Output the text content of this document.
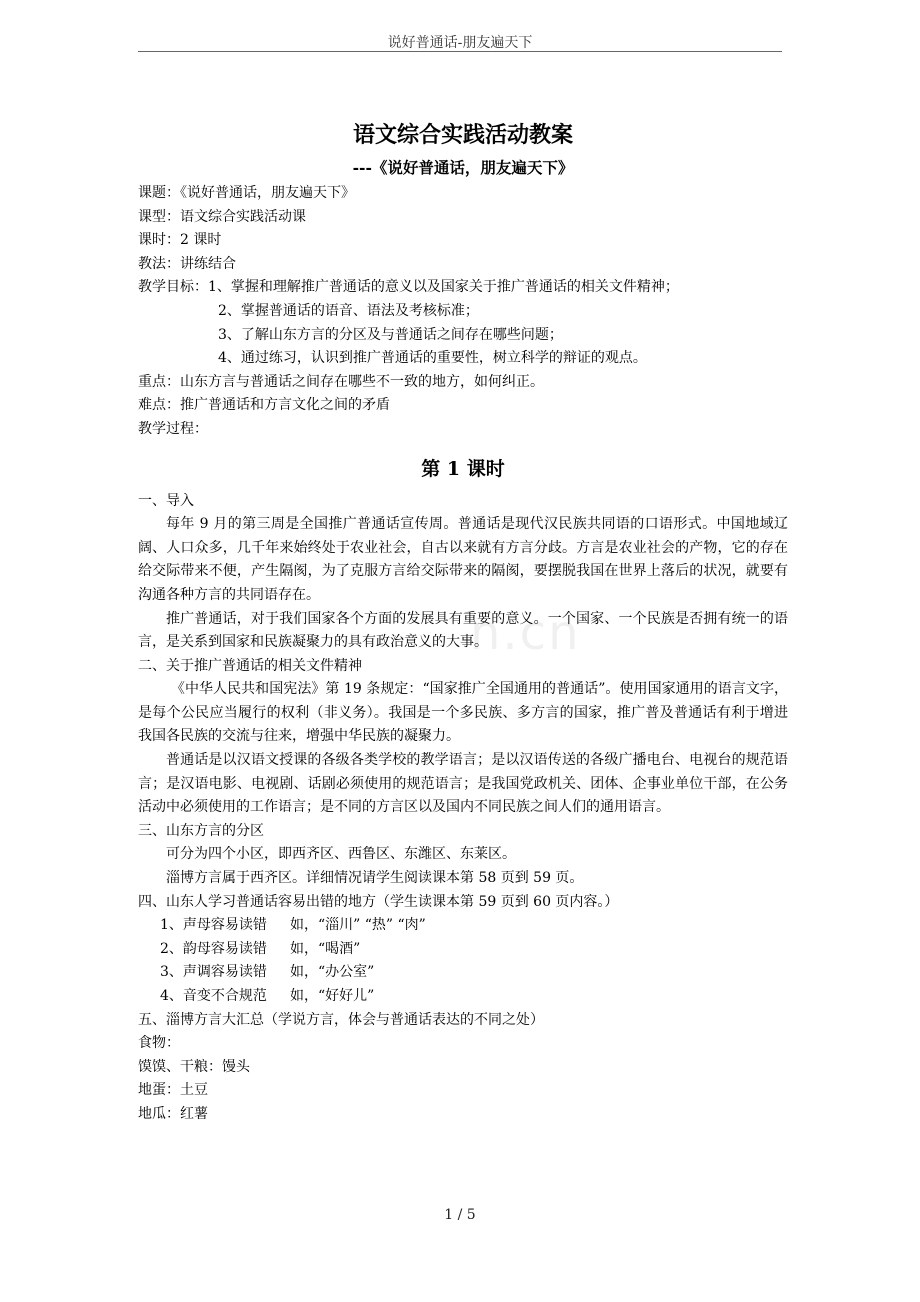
说好普通话-朋友遍天下
n.cn
语文综合实践活动教案
---《说好普通话，朋友遍天下》
课题：《说好普通话，朋友遍天下》
课型：语文综合实践活动课
课时：2 课时
教法：讲练结合
教学目标：1、掌握和理解推广普通话的意义以及国家关于推广普通话的相关文件精神；
2、掌握普通话的语音、语法及考核标准；
3、了解山东方言的分区及与普通话之间存在哪些问题；
4、通过练习，认识到推广普通话的重要性，树立科学的辩证的观点。
重点：山东方言与普通话之间存在哪些不一致的地方，如何纠正。
难点：推广普通话和方言文化之间的矛盾
教学过程：
第 1 课时
一、导入
每年 9 月的第三周是全国推广普通话宣传周。普通话是现代汉民族共同语的口语形式。中国地域辽阔、人口众多，几千年来始终处于农业社会，自古以来就有方言分歧。方言是农业社会的产物，它的存在给交际带来不便，产生隔阂，为了克服方言给交际带来的隔阂，要摆脱我国在世界上落后的状况，就要有沟通各种方言的共同语存在。
推广普通话，对于我们国家各个方面的发展具有重要的意义。一个国家、一个民族是否拥有统一的语言，是关系到国家和民族凝聚力的具有政治意义的大事。
二、关于推广普通话的相关文件精神
《中华人民共和国宪法》第 19 条规定：“国家推广全国通用的普通话”。使用国家通用的语言文字，是每个公民应当履行的权利（非义务）。我国是一个多民族、多方言的国家，推广普及普通话有利于增进我国各民族的交流与往来，增强中华民族的凝聚力。
普通话是以汉语文授课的各级各类学校的教学语言；是以汉语传送的各级广播电台、电视台的规范语言；是汉语电影、电视剧、话剧必须使用的规范语言；是我国党政机关、团体、企事业单位干部，在公务活动中必须使用的工作语言；是不同的方言区以及国内不同民族之间人们的通用语言。
三、山东方言的分区
可分为四个小区，即西齐区、西鲁区、东潍区、东莱区。
淄博方言属于西齐区。详细情况请学生阅读课本第 58 页到 59 页。
四、山东人学习普通话容易出错的地方（学生读课本第 59 页到 60 页内容。）
1、声母容易读错 如，“淄川” “热” “肉”
2、韵母容易读错 如，“喝酒”
3、声调容易读错 如，“办公室”
4、音变不合规范 如，“好好儿”
五、淄博方言大汇总（学说方言，体会与普通话表达的不同之处）
食物：
馍馍、干粮：馒头
地蛋：土豆
地瓜：红薯
1 / 5
